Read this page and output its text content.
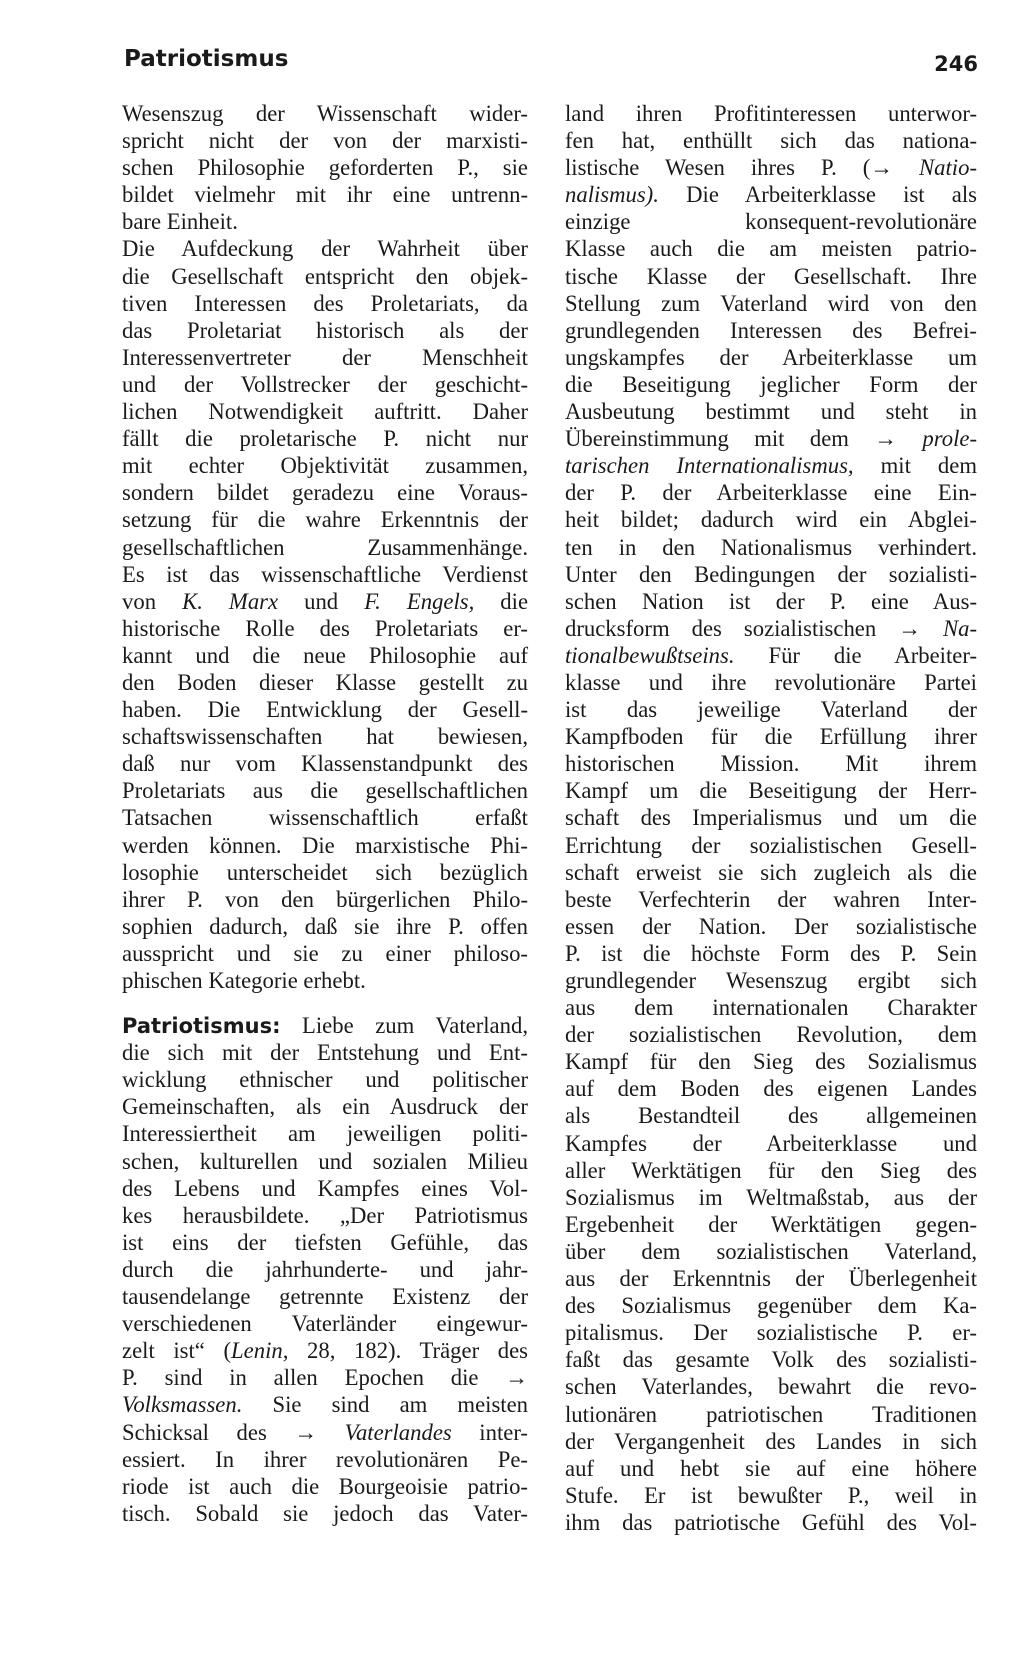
Patriotismus	246
Wesenszug der Wissenschaft wider-
spricht nicht der von der marxisti-
schen Philosophie geforderten P., sie
bildet vielmehr mit ihr eine untrenn-
bare Einheit.
Die Aufdeckung der Wahrheit über
die Gesellschaft entspricht den objek-
tiven Interessen des Proletariats, da
das Proletariat historisch als der
Interessenvertreter der Menschheit
und der Vollstrecker der geschicht-
lichen Notwendigkeit auftritt. Daher
fällt die proletarische P. nicht nur
mit echter Objektivität zusammen,
sondern bildet geradezu eine Voraus-
setzung für die wahre Erkenntnis der
gesellschaftlichen Zusammenhänge.
Es ist das wissenschaftliche Verdienst
von K. Marx und F. Engels, die
historische Rolle des Proletariats er-
kannt und die neue Philosophie auf
den Boden dieser Klasse gestellt zu
haben. Die Entwicklung der Gesell-
schaftswissenschaften hat bewiesen,
daß nur vom Klassenstandpunkt des
Proletariats aus die gesellschaftlichen
Tatsachen wissenschaftlich erfaßt
werden können. Die marxistische Phi-
losophie unterscheidet sich bezüglich
ihrer P. von den bürgerlichen Philo-
sophien dadurch, daß sie ihre P. offen
ausspricht und sie zu einer philoso-
phischen Kategorie erhebt.
Patriotismus: Liebe zum Vaterland,
die sich mit der Entstehung und Ent-
wicklung ethnischer und politischer
Gemeinschaften, als ein Ausdruck der
Interessiertheit am jeweiligen politi-
schen, kulturellen und sozialen Milieu
des Lebens und Kampfes eines Vol-
kes herausbildete. „Der Patriotismus
ist eins der tiefsten Gefühle, das
durch die jahrhunderte- und jahr-
tausendelange getrennte Existenz der
verschiedenen Vaterländer eingewur-
zelt ist“ (Lenin, 28, 182). Träger des
P. sind in allen Epochen die →
Volksmassen. Sie sind am meisten
Schicksal des → Vaterlandes inter-
essiert. In ihrer revolutionären Pe-
riode ist auch die Bourgeoisie patrio-
tisch. Sobald sie jedoch das Vater-
land ihren Profitinteressen unterwor-
fen hat, enthüllt sich das nationa-
listische Wesen ihres P. (→ Natio-
nalismus). Die Arbeiterklasse ist als
einzige konsequent-revolutionäre
Klasse auch die am meisten patrio-
tische Klasse der Gesellschaft. Ihre
Stellung zum Vaterland wird von den
grundlegenden Interessen des Befrei-
ungskampfes der Arbeiterklasse um
die Beseitigung jeglicher Form der
Ausbeutung bestimmt und steht in
Übereinstimmung mit dem → prole-
tarischen Internationalismus, mit dem
der P. der Arbeiterklasse eine Ein-
heit bildet; dadurch wird ein Abglei-
ten in den Nationalismus verhindert.
Unter den Bedingungen der sozialisti-
schen Nation ist der P. eine Aus-
drucksform des sozialistischen → Na-
tionalbewußtseins. Für die Arbeiter-
klasse und ihre revolutionäre Partei
ist das jeweilige Vaterland der
Kampfboden für die Erfüllung ihrer
historischen Mission. Mit ihrem
Kampf um die Beseitigung der Herr-
schaft des Imperialismus und um die
Errichtung der sozialistischen Gesell-
schaft erweist sie sich zugleich als die
beste Verfechterin der wahren Inter-
essen der Nation. Der sozialistische
P. ist die höchste Form des P. Sein
grundlegender Wesenszug ergibt sich
aus dem internationalen Charakter
der sozialistischen Revolution, dem
Kampf für den Sieg des Sozialismus
auf dem Boden des eigenen Landes
als Bestandteil des allgemeinen
Kampfes der Arbeiterklasse und
aller Werktätigen für den Sieg des
Sozialismus im Weltmaßstab, aus der
Ergebenheit der Werktätigen gegen-
über dem sozialistischen Vaterland,
aus der Erkenntnis der Überlegenheit
des Sozialismus gegenüber dem Ka-
pitalismus. Der sozialistische P. er-
faßt das gesamte Volk des sozialisti-
schen Vaterlandes, bewahrt die revo-
lutionären patriotischen Traditionen
der Vergangenheit des Landes in sich
auf und hebt sie auf eine höhere
Stufe. Er ist bewußter P., weil in
ihm das patriotische Gefühl des Vol-
